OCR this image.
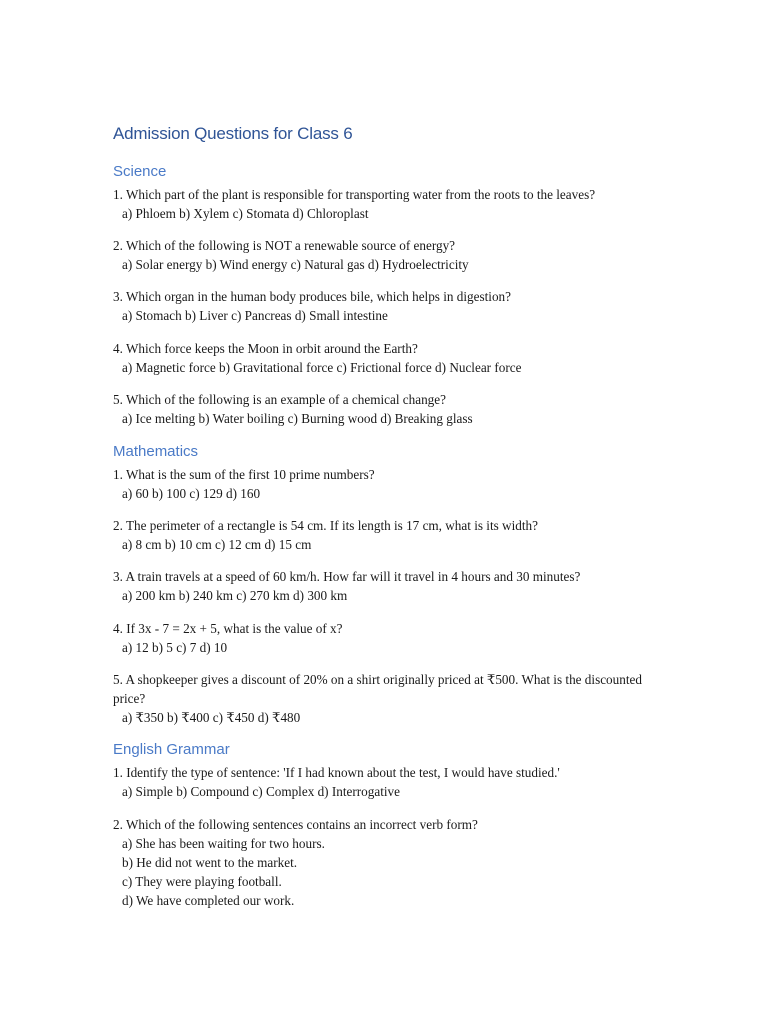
Admission Questions for Class 6
Science

1. Which part of the plant is responsible for transporting water from the roots to the leaves?

a) Phloem b) Xylem c) Stomata d) Chloroplast

2. Which of the following is NOT a renewable source of energy?

a) Solar energy b) Wind energy c) Natural gas d) Hydroelectricity

3. Which organ in the human body produces bile, which helps in digestion?

a) Stomach b) Liver c) Pancreas d) Small intestine

4. Which force keeps the Moon in orbit around the Earth?

a) Magnetic force b) Gravitational force c) Frictional force d) Nuclear force

5. Which of the following is an example of a chemical change?

a) Ice melting b) Water boiling c) Burning wood d) Breaking glass

Mathematics

1. What is the sum of the first 10 prime numbers?

a) 60 b) 100 c) 129 d) 160

2. The perimeter of a rectangle is 54 cm. If its length is 17 cm, what is its width?

a) 8 cm b) 10 cm c) 12 cm d) 15 cm

3. A train travels at a speed of 60 km/h. How far will it travel in 4 hours and 30 minutes?

a) 200 km b) 240 km c) 270 km d) 300 km

4. If 3x - 7 = 2x + 5, what is the value of x?

a) 12 b) 5 c) 7 d) 10

5. A shopkeeper gives a discount of 20% on a shirt originally priced at ₹500. What is the discounted price?

a) ₹350 b) ₹400 c) ₹450 d) ₹480

English Grammar

1. Identify the type of sentence: 'If I had known about the test, I would have studied.'

a) Simple b) Compound c) Complex d) Interrogative

2. Which of the following sentences contains an incorrect verb form?

a) She has been waiting for two hours.

b) He did not went to the market.

c) They were playing football.

d) We have completed our work.
